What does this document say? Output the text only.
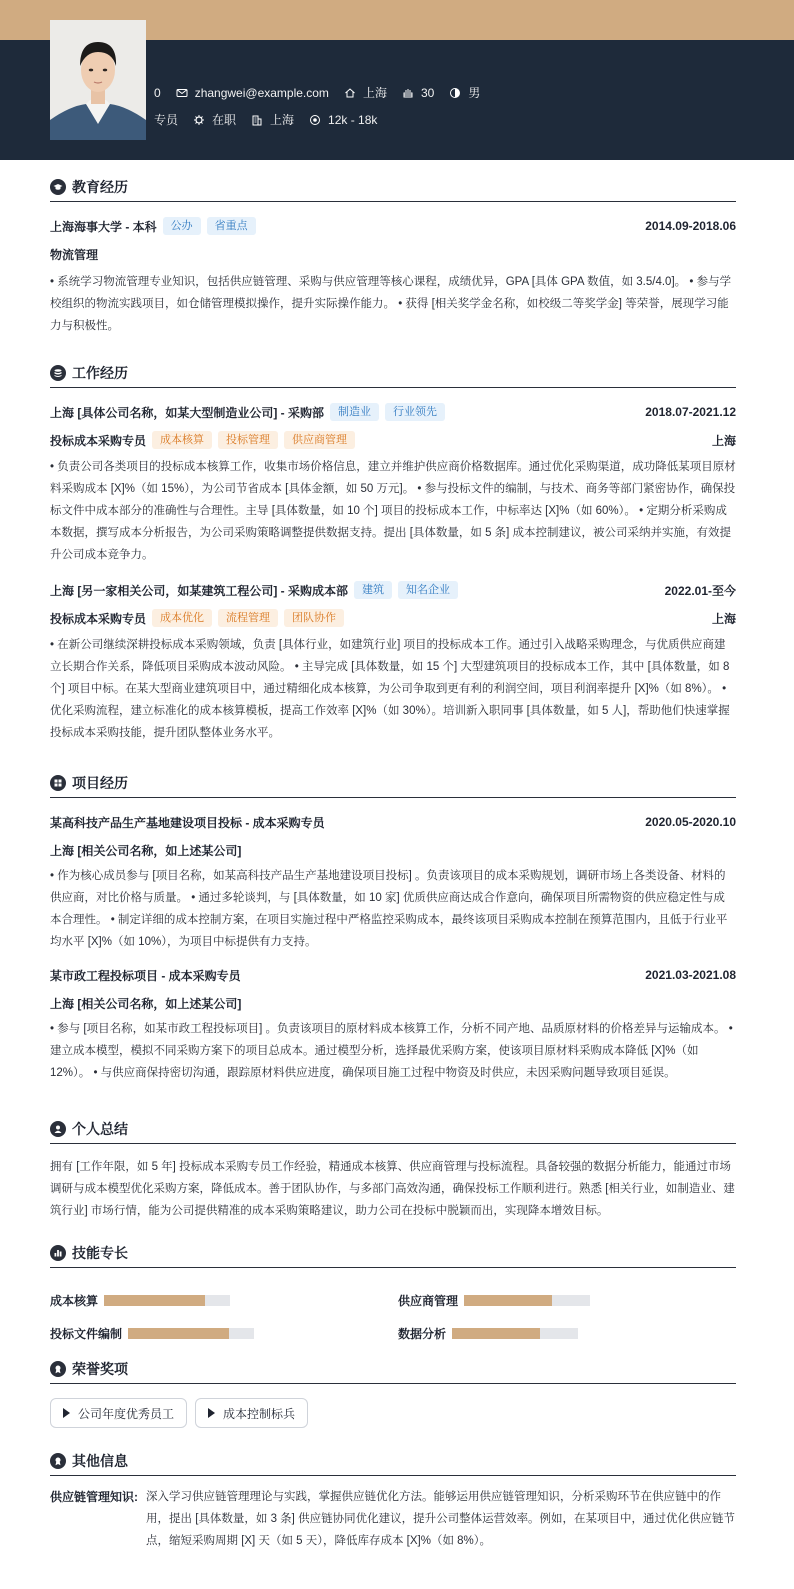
0	zhangwei@example.com	上海	30	男
专员	在职	上海	12k - 18k
教育经历
上海海事大学 - 本科	公办	省重点	2014.09-2018.06
物流管理
• 系统学习物流管理专业知识，包括供应链管理、采购与供应管理等核心课程，成绩优异，GPA [具体 GPA 数值，如 3.5/4.0]。 • 参与学校组织的物流实践项目，如仓储管理模拟操作，提升实际操作能力。 • 获得 [相关奖学金名称，如校级二等奖学金] 等荣誉，展现学习能力与积极性。
工作经历
上海 [具体公司名称，如某大型制造业公司] - 采购部	制造业	行业领先	2018.07-2021.12
投标成本采购专员	成本核算	投标管理	供应商管理	上海
• 负责公司各类项目的投标成本核算工作，收集市场价格信息，建立并维护供应商价格数据库。通过优化采购渠道，成功降低某项目原材料采购成本 [X]%（如 15%），为公司节省成本 [具体金额，如 50 万元]。 • 参与投标文件的编制，与技术、商务等部门紧密协作，确保投标文件中成本部分的准确性与合理性。主导 [具体数量，如 10 个] 项目的投标成本工作，中标率达 [X]%（如 60%）。 • 定期分析采购成本数据，撰写成本分析报告，为公司采购策略调整提供数据支持。提出 [具体数量，如 5 条] 成本控制建议，被公司采纳并实施，有效提升公司成本竞争力。
上海 [另一家相关公司，如某建筑工程公司] - 采购成本部	建筑	知名企业	2022.01-至今
投标成本采购专员	成本优化	流程管理	团队协作	上海
• 在新公司继续深耕投标成本采购领域，负责 [具体行业，如建筑行业] 项目的投标成本工作。通过引入战略采购理念，与优质供应商建立长期合作关系，降低项目采购成本波动风险。 • 主导完成 [具体数量，如 15 个] 大型建筑项目的投标成本工作，其中 [具体数量，如 8 个] 项目中标。在某大型商业建筑项目中，通过精细化成本核算，为公司争取到更有利的利润空间，项目利润率提升 [X]%（如 8%）。 • 优化采购流程，建立标准化的成本核算模板，提高工作效率 [X]%（如 30%）。培训新入职同事 [具体数量，如 5 人]，帮助他们快速掌握投标成本采购技能，提升团队整体业务水平。
项目经历
某高科技产品生产基地建设项目投标 - 成本采购专员	2020.05-2020.10
上海 [相关公司名称，如上述某公司]
• 作为核心成员参与 [项目名称，如某高科技产品生产基地建设项目投标] 。负责该项目的成本采购规划，调研市场上各类设备、材料的供应商，对比价格与质量。 • 通过多轮谈判，与 [具体数量，如 10 家] 优质供应商达成合作意向，确保项目所需物资的供应稳定性与成本合理性。 • 制定详细的成本控制方案，在项目实施过程中严格监控采购成本，最终该项目采购成本控制在预算范围内，且低于行业平均水平 [X]%（如 10%），为项目中标提供有力支持。
某市政工程投标项目 - 成本采购专员	2021.03-2021.08
上海 [相关公司名称，如上述某公司]
• 参与 [项目名称，如某市政工程投标项目] 。负责该项目的原材料成本核算工作，分析不同产地、品质原材料的价格差异与运输成本。 • 建立成本模型，模拟不同采购方案下的项目总成本。通过模型分析，选择最优采购方案，使该项目原材料采购成本降低 [X]%（如 12%）。 • 与供应商保持密切沟通，跟踪原材料供应进度，确保项目施工过程中物资及时供应，未因采购问题导致项目延误。
个人总结
拥有 [工作年限，如 5 年] 投标成本采购专员工作经验，精通成本核算、供应商管理与投标流程。具备较强的数据分析能力，能通过市场调研与成本模型优化采购方案，降低成本。善于团队协作，与多部门高效沟通，确保投标工作顺利进行。熟悉 [相关行业，如制造业、建筑行业] 市场行情，能为公司提供精准的成本采购策略建议，助力公司在投标中脱颖而出，实现降本增效目标。
技能专长
成本核算	供应商管理
投标文件编制	数据分析
荣誉奖项
公司年度优秀员工	成本控制标兵
其他信息
供应链管理知识: 深入学习供应链管理理论与实践，掌握供应链优化方法。能够运用供应链管理知识，分析采购环节在供应链中的作用，提出 [具体数量，如 3 条] 供应链协同优化建议，提升公司整体运营效率。例如，在某项目中，通过优化供应链节点，缩短采购周期 [X] 天（如 5 天），降低库存成本 [X]%（如 8%）。
